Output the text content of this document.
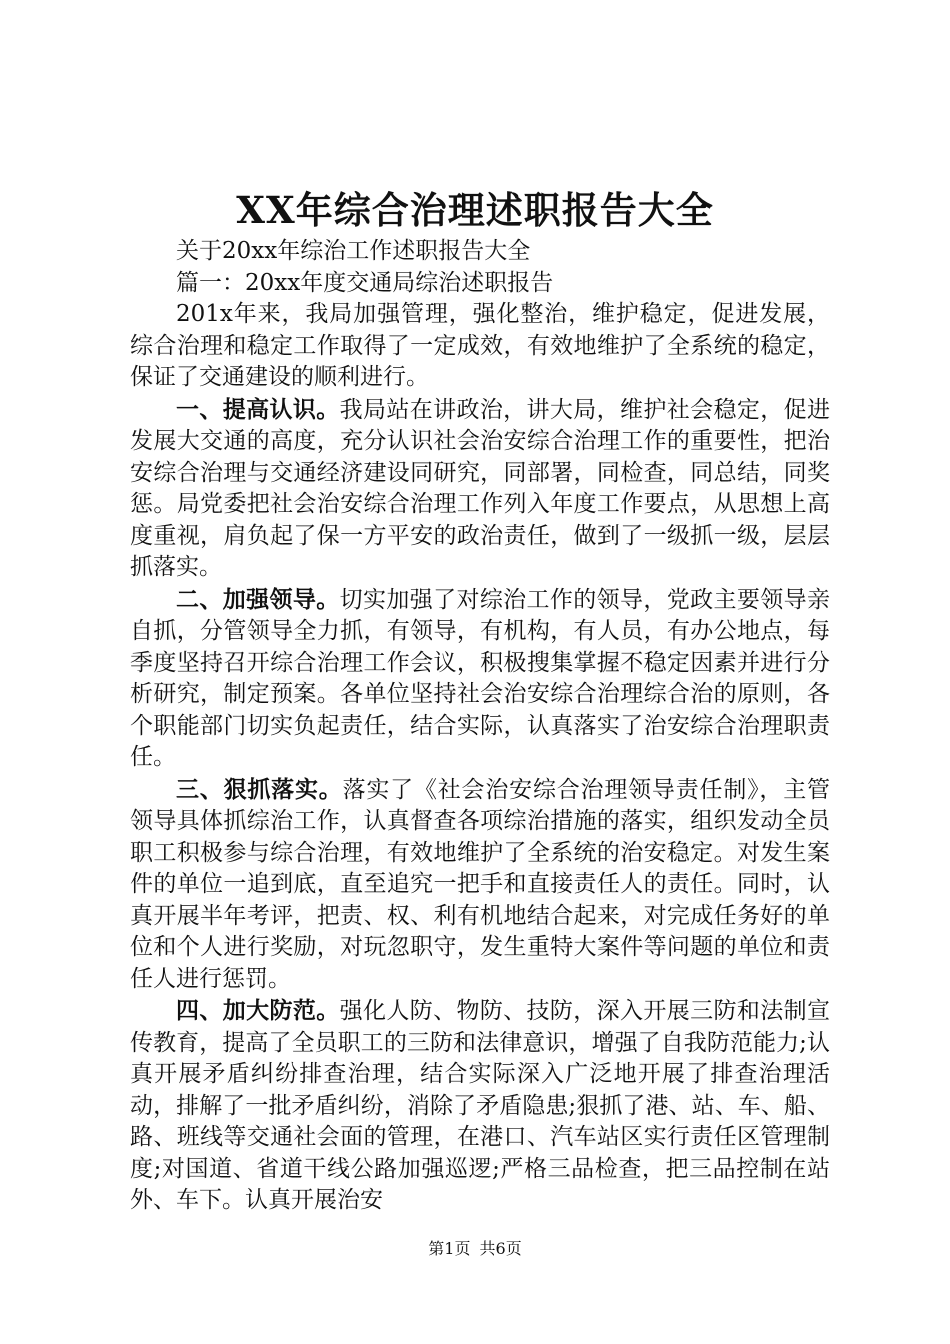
XX年综合治理述职报告大全

关于20xx年综治工作述职报告大全

篇一：20xx年度交通局综治述职报告

201x年来，我局加强管理，强化整治，维护稳定，促进发展，综合治理和稳定工作取得了一定成效，有效地维护了全系统的稳定，保证了交通建设的顺利进行。

一、提高认识。我局站在讲政治，讲大局，维护社会稳定，促进发展大交通的高度，充分认识社会治安综合治理工作的重要性，把治安综合治理与交通经济建设同研究，同部署，同检查，同总结，同奖惩。局党委把社会治安综合治理工作列入年度工作要点，从思想上高度重视，肩负起了保一方平安的政治责任，做到了一级抓一级，层层抓落实。

二、加强领导。切实加强了对综治工作的领导，党政主要领导亲自抓，分管领导全力抓，有领导，有机构，有人员，有办公地点，每季度坚持召开综合治理工作会议，积极搜集掌握不稳定因素并进行分析研究，制定预案。各单位坚持社会治安综合治理综合治的原则，各个职能部门切实负起责任，结合实际，认真落实了治安综合治理职责任。

三、狠抓落实。落实了《社会治安综合治理领导责任制》，主管领导具体抓综治工作，认真督查各项综治措施的落实，组织发动全员职工积极参与综合治理，有效地维护了全系统的治安稳定。对发生案件的单位一追到底，直至追究一把手和直接责任人的责任。同时，认真开展半年考评，把责、权、利有机地结合起来，对完成任务好的单位和个人进行奖励，对玩忽职守，发生重特大案件等问题的单位和责任人进行惩罚。

四、加大防范。强化人防、物防、技防，深入开展三防和法制宣传教育，提高了全员职工的三防和法律意识，增强了自我防范能力;认真开展矛盾纠纷排查治理，结合实际深入广泛地开展了排查治理活动，排解了一批矛盾纠纷，消除了矛盾隐患;狠抓了港、站、车、船、路、班线等交通社会面的管理，在港口、汽车站区实行责任区管理制度;对国道、省道干线公路加强巡逻;严格三品检查，把三品控制在站外、车下。认真开展治安

第1页 共6页
